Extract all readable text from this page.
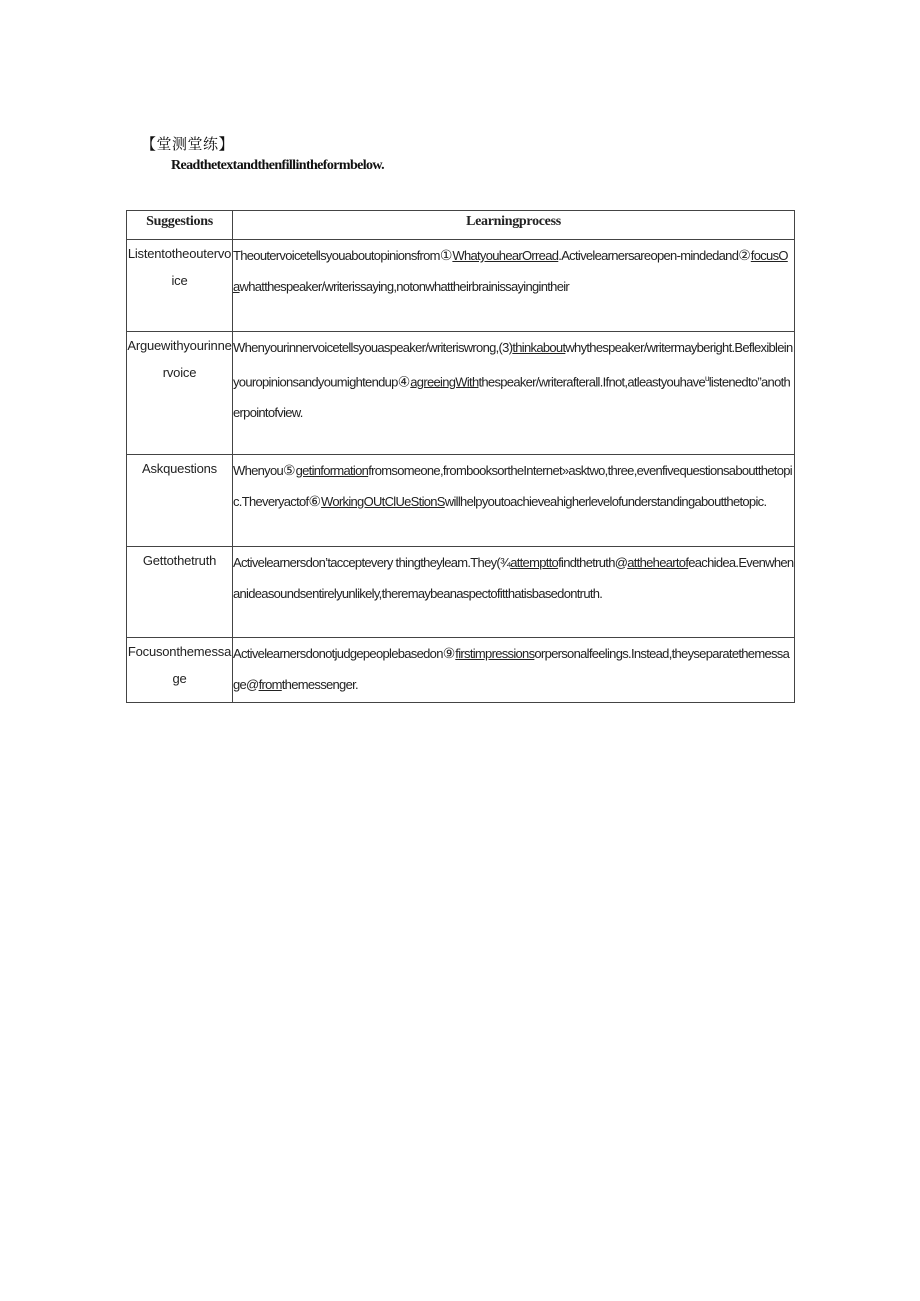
【堂测堂练】
Readthetextandthenfillintheformbelow.
Suggestions	Learningprocess
Listentotheoutervoice	Theoutervoicetellsyouaboutopinionsfrom①WhatyouhearOrread.Activelearnersareopen-mindedand②focusOawhatthespeaker/writerissaying,notonwhattheirbrainissayingintheir
Arguewithyourinnervoice	Whenyourinnervoicetellsyouaspeaker/writeriswrong,(3)thinkaboutwhythespeaker/writermayberight.Beflexibleinyouropinionsandyoumightendup④agreeingWiththespeaker/writerafterall.Ifnot,atleastyouhave$^u$listenedto”anotherpointofview.
Askquestions	Whenyou⑤getinformationfromsomeone,frombooksortheInternet»asktwo,three,evenfivequestionsaboutthetopic.Theveryactof⑥WorkingOUtClUeStionSwillhelpyoutoachieveahigherlevelofunderstandingaboutthetopic.
Gettothetruth	Activelearnersdon’tacceptevery thingtheyleam.They(¾attempttofindthetruth@attheheartofeachidea.Evenwhenanideasoundsentirelyunlikely,theremaybeanaspectofitthatisbasedontruth.
Focusonthemessage	Activelearnersdonotjudgepeoplebasedon⑨firstimpressionsorpersonalfeelings.Instead,theyseparatethemessage@fromthemessenger.
